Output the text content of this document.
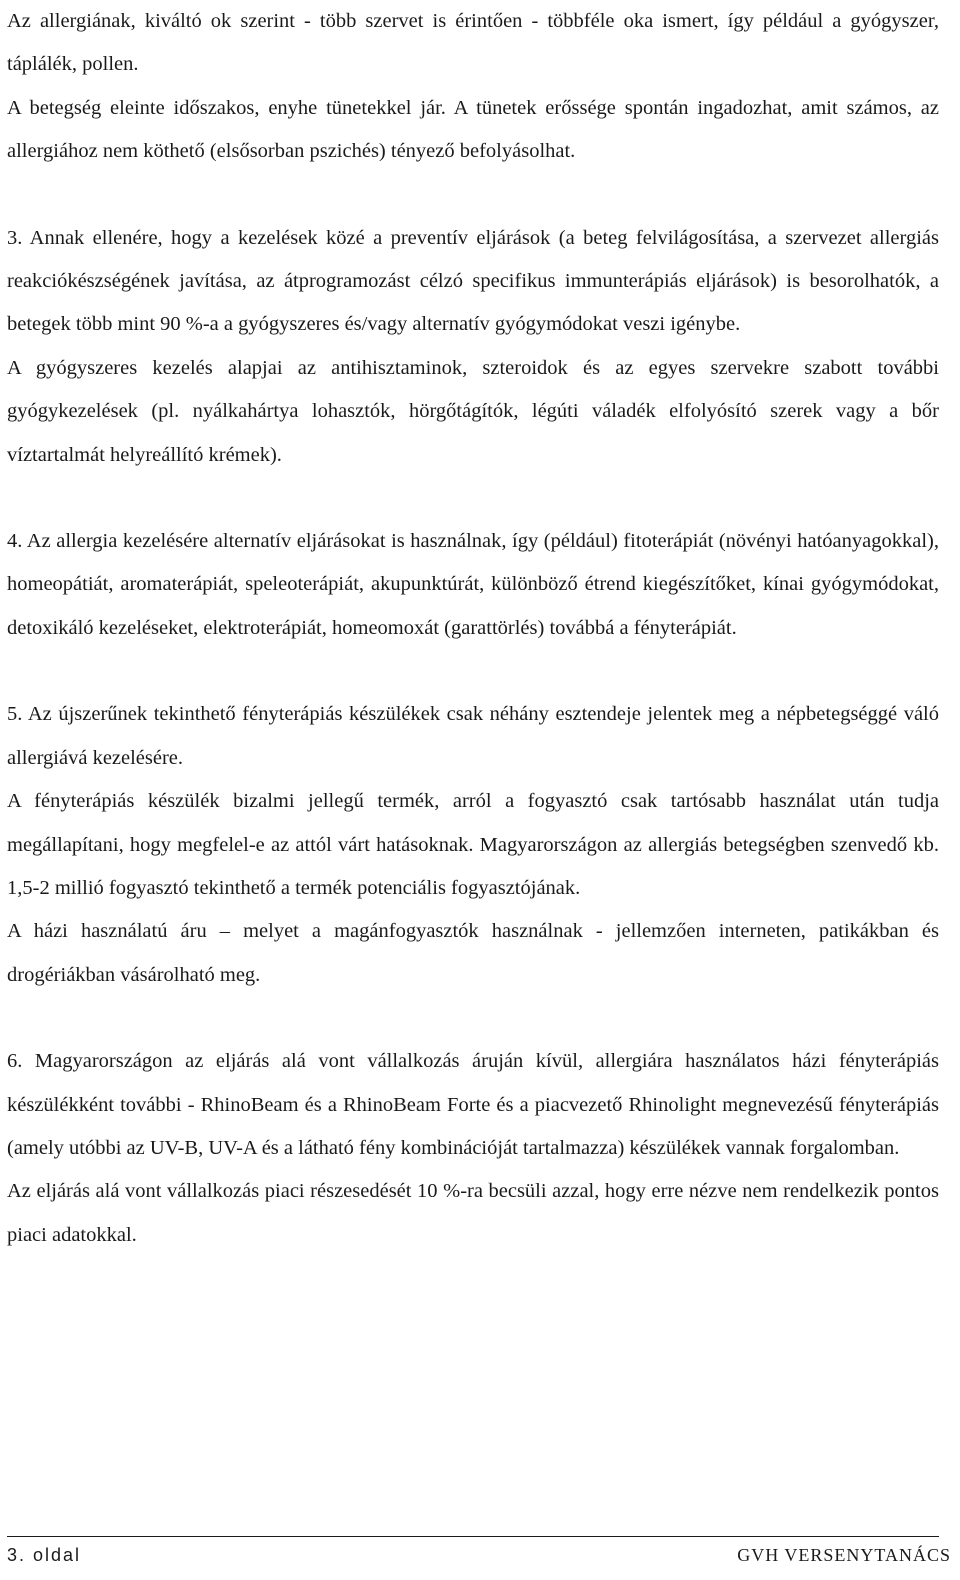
Az allergiának, kiváltó ok szerint - több szervet is érintően - többféle oka ismert, így például a gyógyszer, táplálék, pollen.

A betegség eleinte időszakos, enyhe tünetekkel jár. A tünetek erőssége spontán ingadozhat, amit számos, az allergiához nem köthető (elsősorban pszichés) tényező befolyásolhat.

3. Annak ellenére, hogy a kezelések közé a preventív eljárások (a beteg felvilágosítása, a szervezet allergiás reakciókészségének javítása, az átprogramozást célzó specifikus immunterápiás eljárások) is besorolhatók, a betegek több mint 90 %-a a gyógyszeres és/vagy alternatív gyógymódokat veszi igénybe.

A gyógyszeres kezelés alapjai az antihisztaminok, szteroidok és az egyes szervekre szabott további gyógykezelések (pl. nyálkahártya lohasztók, hörgőtágítók, légúti váladék elfolyósító szerek vagy a bőr víztartalmát helyreállító krémek).

4. Az allergia kezelésére alternatív eljárásokat is használnak, így (például) fitoterápiát (növényi hatóanyagokkal), homeopátiát, aromaterápiát, speleoterápiát, akupunktúrát, különböző étrend kiegészítőket, kínai gyógymódokat, detoxikáló kezeléseket, elektroterápiát, homeomoxát (garattörlés) továbbá a fényterápiát.

5. Az újszerűnek tekinthető fényterápiás készülékek csak néhány esztendeje jelentek meg a népbetegséggé váló allergiává kezelésére.

A fényterápiás készülék bizalmi jellegű termék, arról a fogyasztó csak tartósabb használat után tudja megállapítani, hogy megfelel-e az attól várt hatásoknak. Magyarországon az allergiás betegségben szenvedő kb. 1,5-2 millió fogyasztó tekinthető a termék potenciális fogyasztójának.

A házi használatú áru – melyet a magánfogyasztók használnak - jellemzően interneten, patikákban és drogériákban vásárolható meg.

6. Magyarországon az eljárás alá vont vállalkozás áruján kívül, allergiára használatos házi fényterápiás készülékként további - RhinoBeam és a RhinoBeam Forte és a piacvezető Rhinolight megnevezésű fényterápiás (amely utóbbi az UV-B, UV-A és a látható fény kombinációját tartalmazza) készülékek vannak forgalomban.

Az eljárás alá vont vállalkozás piaci részesedését 10 %-ra becsüli azzal, hogy erre nézve nem rendelkezik pontos piaci adatokkal.

3. oldal	GVH VERSENYTANÁCS
